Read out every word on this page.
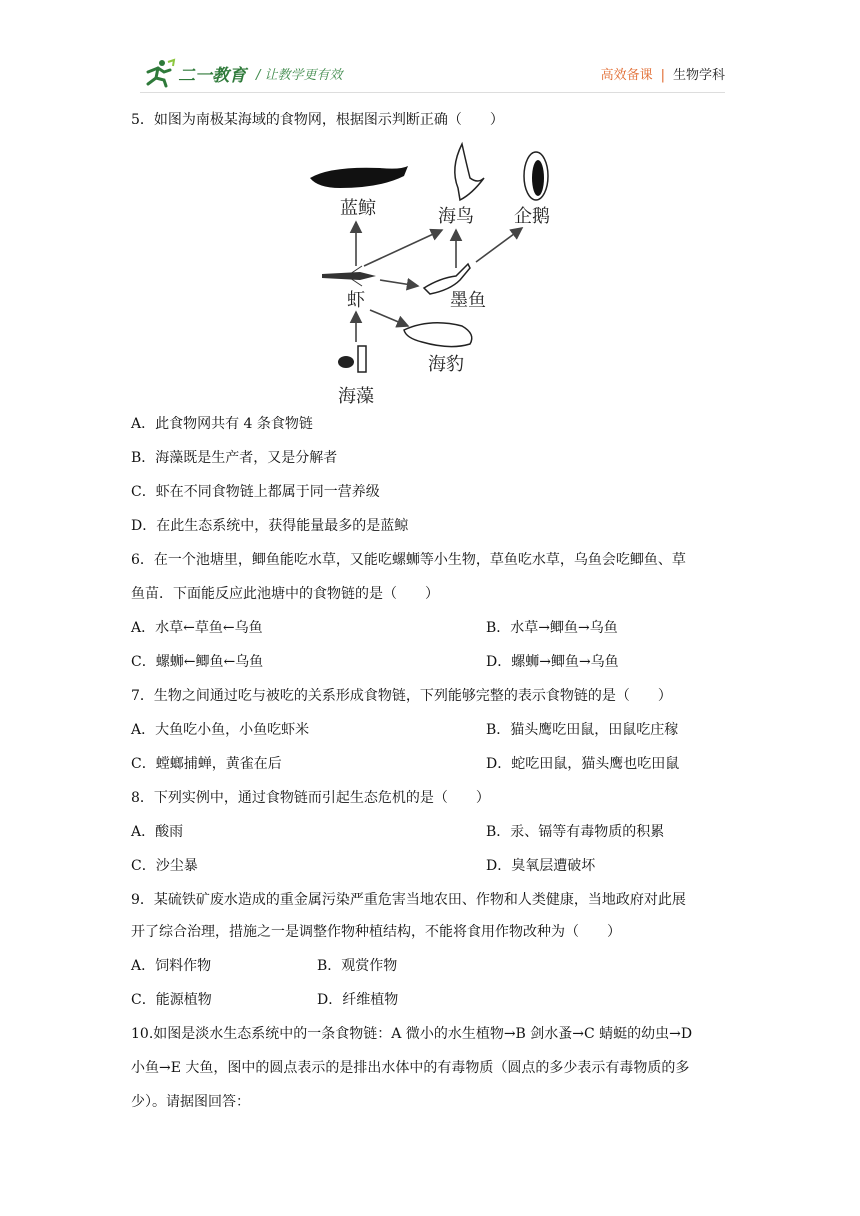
二一教育 / 让教学更有效	高效备课 | 生物学科
5．如图为南极某海域的食物网，根据图示判断正确（　　）
蓝鲸	海鸟 企鹅
虾	墨鱼
海豹
海藻
A．此食物网共有 4 条食物链
B．海藻既是生产者，又是分解者
C．虾在不同食物链上都属于同一营养级
D．在此生态系统中，获得能量最多的是蓝鲸
6．在一个池塘里，鲫鱼能吃水草，又能吃螺蛳等小生物，草鱼吃水草，乌鱼会吃鲫鱼、草
鱼苗．下面能反应此池塘中的食物链的是（　　）
A．水草←草鱼←乌鱼	B．水草→鲫鱼→乌鱼
C．螺蛳←鲫鱼←乌鱼	D．螺蛳→鲫鱼→乌鱼
7．生物之间通过吃与被吃的关系形成食物链，下列能够完整的表示食物链的是（　　）
A．大鱼吃小鱼，小鱼吃虾米	B．猫头鹰吃田鼠，田鼠吃庄稼
C．螳螂捕蝉，黄雀在后	D．蛇吃田鼠，猫头鹰也吃田鼠
8．下列实例中，通过食物链而引起生态危机的是（　　）
A．酸雨	B．汞、镉等有毒物质的积累
C．沙尘暴	D．臭氧层遭破坏
9．某硫铁矿废水造成的重金属污染严重危害当地农田、作物和人类健康，当地政府对此展
开了综合治理，措施之一是调整作物种植结构，不能将食用作物改种为（　　）
A．饲料作物	B．观赏作物
C．能源植物	D．纤维植物
10.如图是淡水生态系统中的一条食物链：A 微小的水生植物→B 剑水蚤→C 蜻蜓的幼虫→D
小鱼→E 大鱼，图中的圆点表示的是排出水体中的有毒物质（圆点的多少表示有毒物质的多
少）。请据图回答：
